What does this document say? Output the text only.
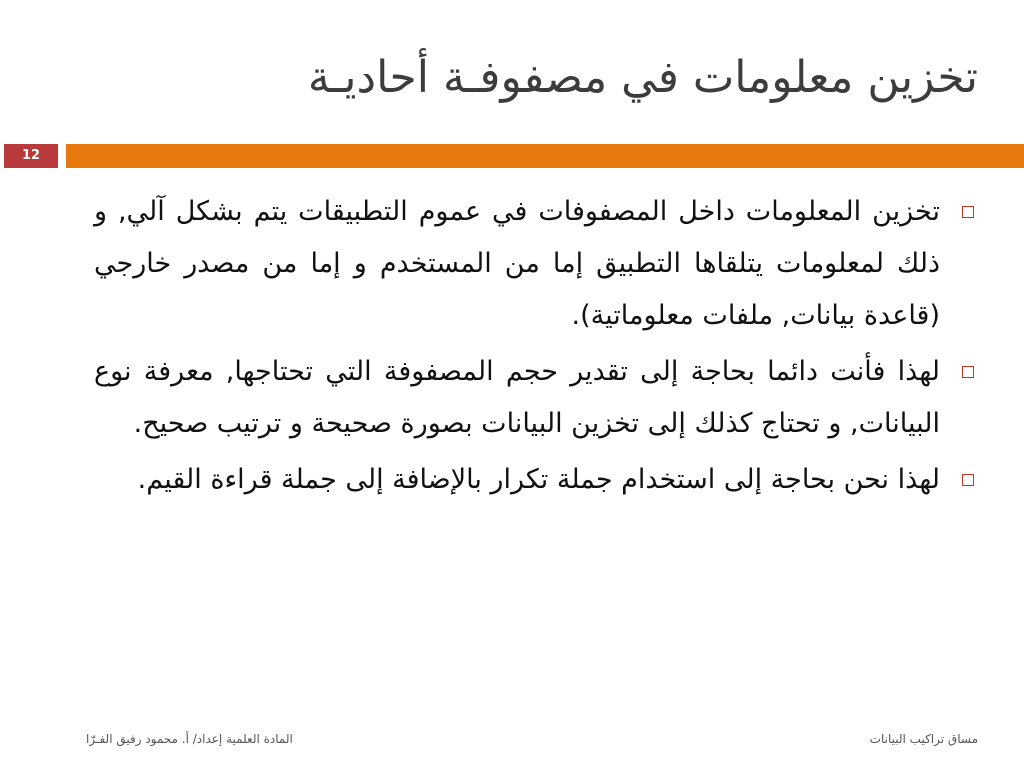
تخزين معلومات في مصفوفـة أحاديـة
12
تخزين المعلومات داخل المصفوفات في عموم التطبيقات يتم بشكل آلي, و ذلك لمعلومات يتلقاها التطبيق إما من المستخدم و إما من مصدر خارجي (قاعدة بيانات, ملفات معلوماتية).
لهذا فأنت دائما بحاجة إلى تقدير حجم المصفوفة التي تحتاجها, معرفة نوع البيانات, و تحتاج كذلك إلى تخزين البيانات بصورة صحيحة و ترتيب صحيح.
لهذا نحن بحاجة إلى استخدام جملة تكرار بالإضافة إلى جملة قراءة القيم.
المادة العلمية إعداد/ أ. محمود رفيق الفـرّا	مساق تراكيب البيانات
